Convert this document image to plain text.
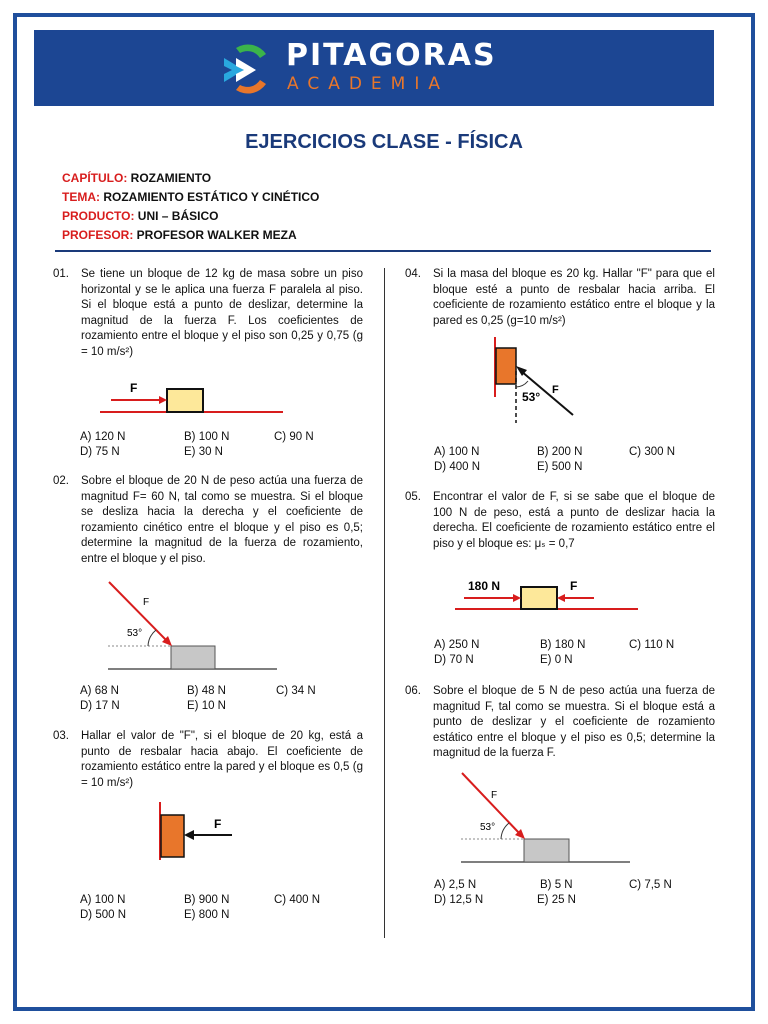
PITAGORAS
ACADEMIA
EJERCICIOS CLASE - FÍSICA
CAPÍTULO: ROZAMIENTO
TEMA: ROZAMIENTO ESTÁTICO Y CINÉTICO
PRODUCTO: UNI – BÁSICO
PROFESOR: PROFESOR WALKER MEZA
01. Se tiene un bloque de 12 kg de masa sobre un piso horizontal y se le aplica una fuerza F paralela al piso. Si el bloque está a punto de deslizar, determine la magnitud de la fuerza F. Los coeficientes de rozamiento entre el bloque y el piso son 0,25 y 0,75 (g = 10 m/s²)
F
A) 120 N	B) 100 N	C) 90 N
D) 75 N	E) 30 N
02. Sobre el bloque de 20 N de peso actúa una fuerza de magnitud F= 60 N, tal como se muestra. Si el bloque se desliza hacia la derecha y el coeficiente de rozamiento cinético entre el bloque y el piso es 0,5; determine la magnitud de la fuerza de rozamiento, entre el bloque y el piso.
F
53°
A) 68 N	B) 48 N	C) 34 N
D) 17 N	E) 10 N
03. Hallar el valor de "F", si el bloque de 20 kg, está a punto de resbalar hacia abajo. El coeficiente de rozamiento estático entre la pared y el bloque es 0,5 (g = 10 m/s²)
F
A) 100 N	B) 900 N	C) 400 N
D) 500 N	E) 800 N
04. Si la masa del bloque es 20 kg. Hallar "F" para que el bloque esté a punto de resbalar hacia arriba. El coeficiente de rozamiento estático entre el bloque y la pared es 0,25 (g=10 m/s²)
F
53°
A) 100 N	B) 200 N	C) 300 N
D) 400 N	E) 500 N
05. Encontrar el valor de F, si se sabe que el bloque de 100 N de peso, está a punto de deslizar hacia la derecha. El coeficiente de rozamiento estático entre el piso y el bloque es: μₛ = 0,7
180 N	F
A) 250 N	B) 180 N	C) 110 N
D) 70 N	E) 0 N
06. Sobre el bloque de 5 N de peso actúa una fuerza de magnitud F, tal como se muestra. Si el bloque está a punto de deslizar y el coeficiente de rozamiento estático entre el bloque y el piso es 0,5; determine la magnitud de la fuerza F.
F
53°
A) 2,5 N	B) 5 N	C) 7,5 N
D) 12,5 N	E) 25 N
